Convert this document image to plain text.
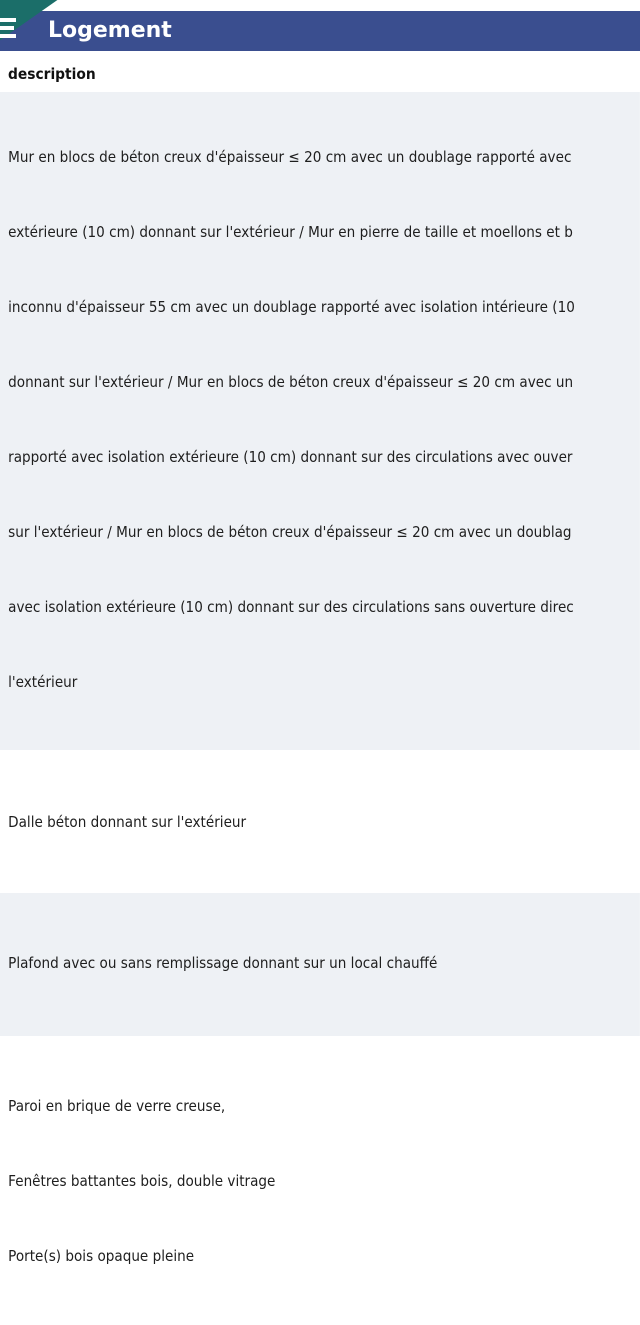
Logement
description

Mur en blocs de béton creux d'épaisseur ≤ 20 cm avec un doublage rapporté avec

extérieure (10 cm) donnant sur l'extérieur / Mur en pierre de taille et moellons et b

inconnu d'épaisseur 55 cm avec un doublage rapporté avec isolation intérieure (10

donnant sur l'extérieur / Mur en blocs de béton creux d'épaisseur ≤ 20 cm avec un

rapporté avec isolation extérieure (10 cm) donnant sur des circulations avec ouver

sur l'extérieur / Mur en blocs de béton creux d'épaisseur ≤ 20 cm avec un doublag

avec isolation extérieure (10 cm) donnant sur des circulations sans ouverture direc

l'extérieur

Dalle béton donnant sur l'extérieur

Plafond avec ou sans remplissage donnant sur un local chauffé

Paroi en brique de verre creuse,

Fenêtres battantes bois, double vitrage

Porte(s) bois opaque pleine
